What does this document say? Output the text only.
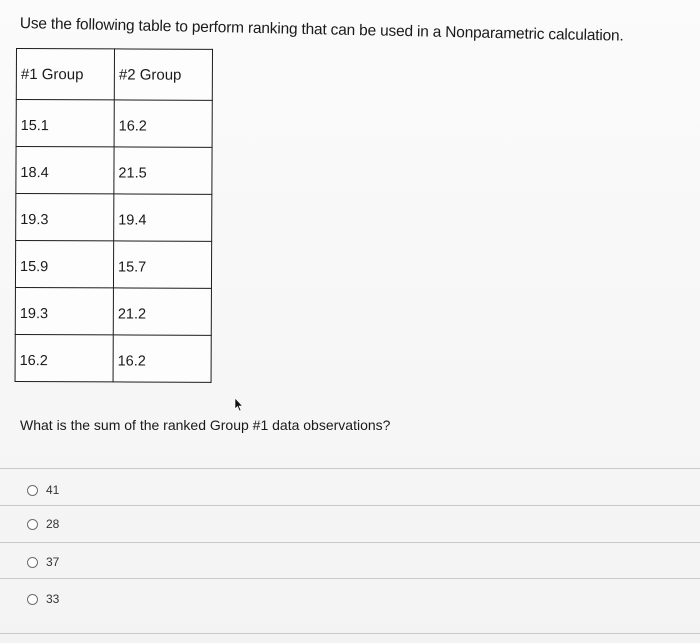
Use the following table to perform ranking that can be used in a Nonparametric calculation.
#1 Group	#2 Group
15.1	16.2
18.4	21.5
19.3	19.4
15.9	15.7
19.3	21.2
16.2	16.2
What is the sum of the ranked Group #1 data observations?
41
28
37
33
